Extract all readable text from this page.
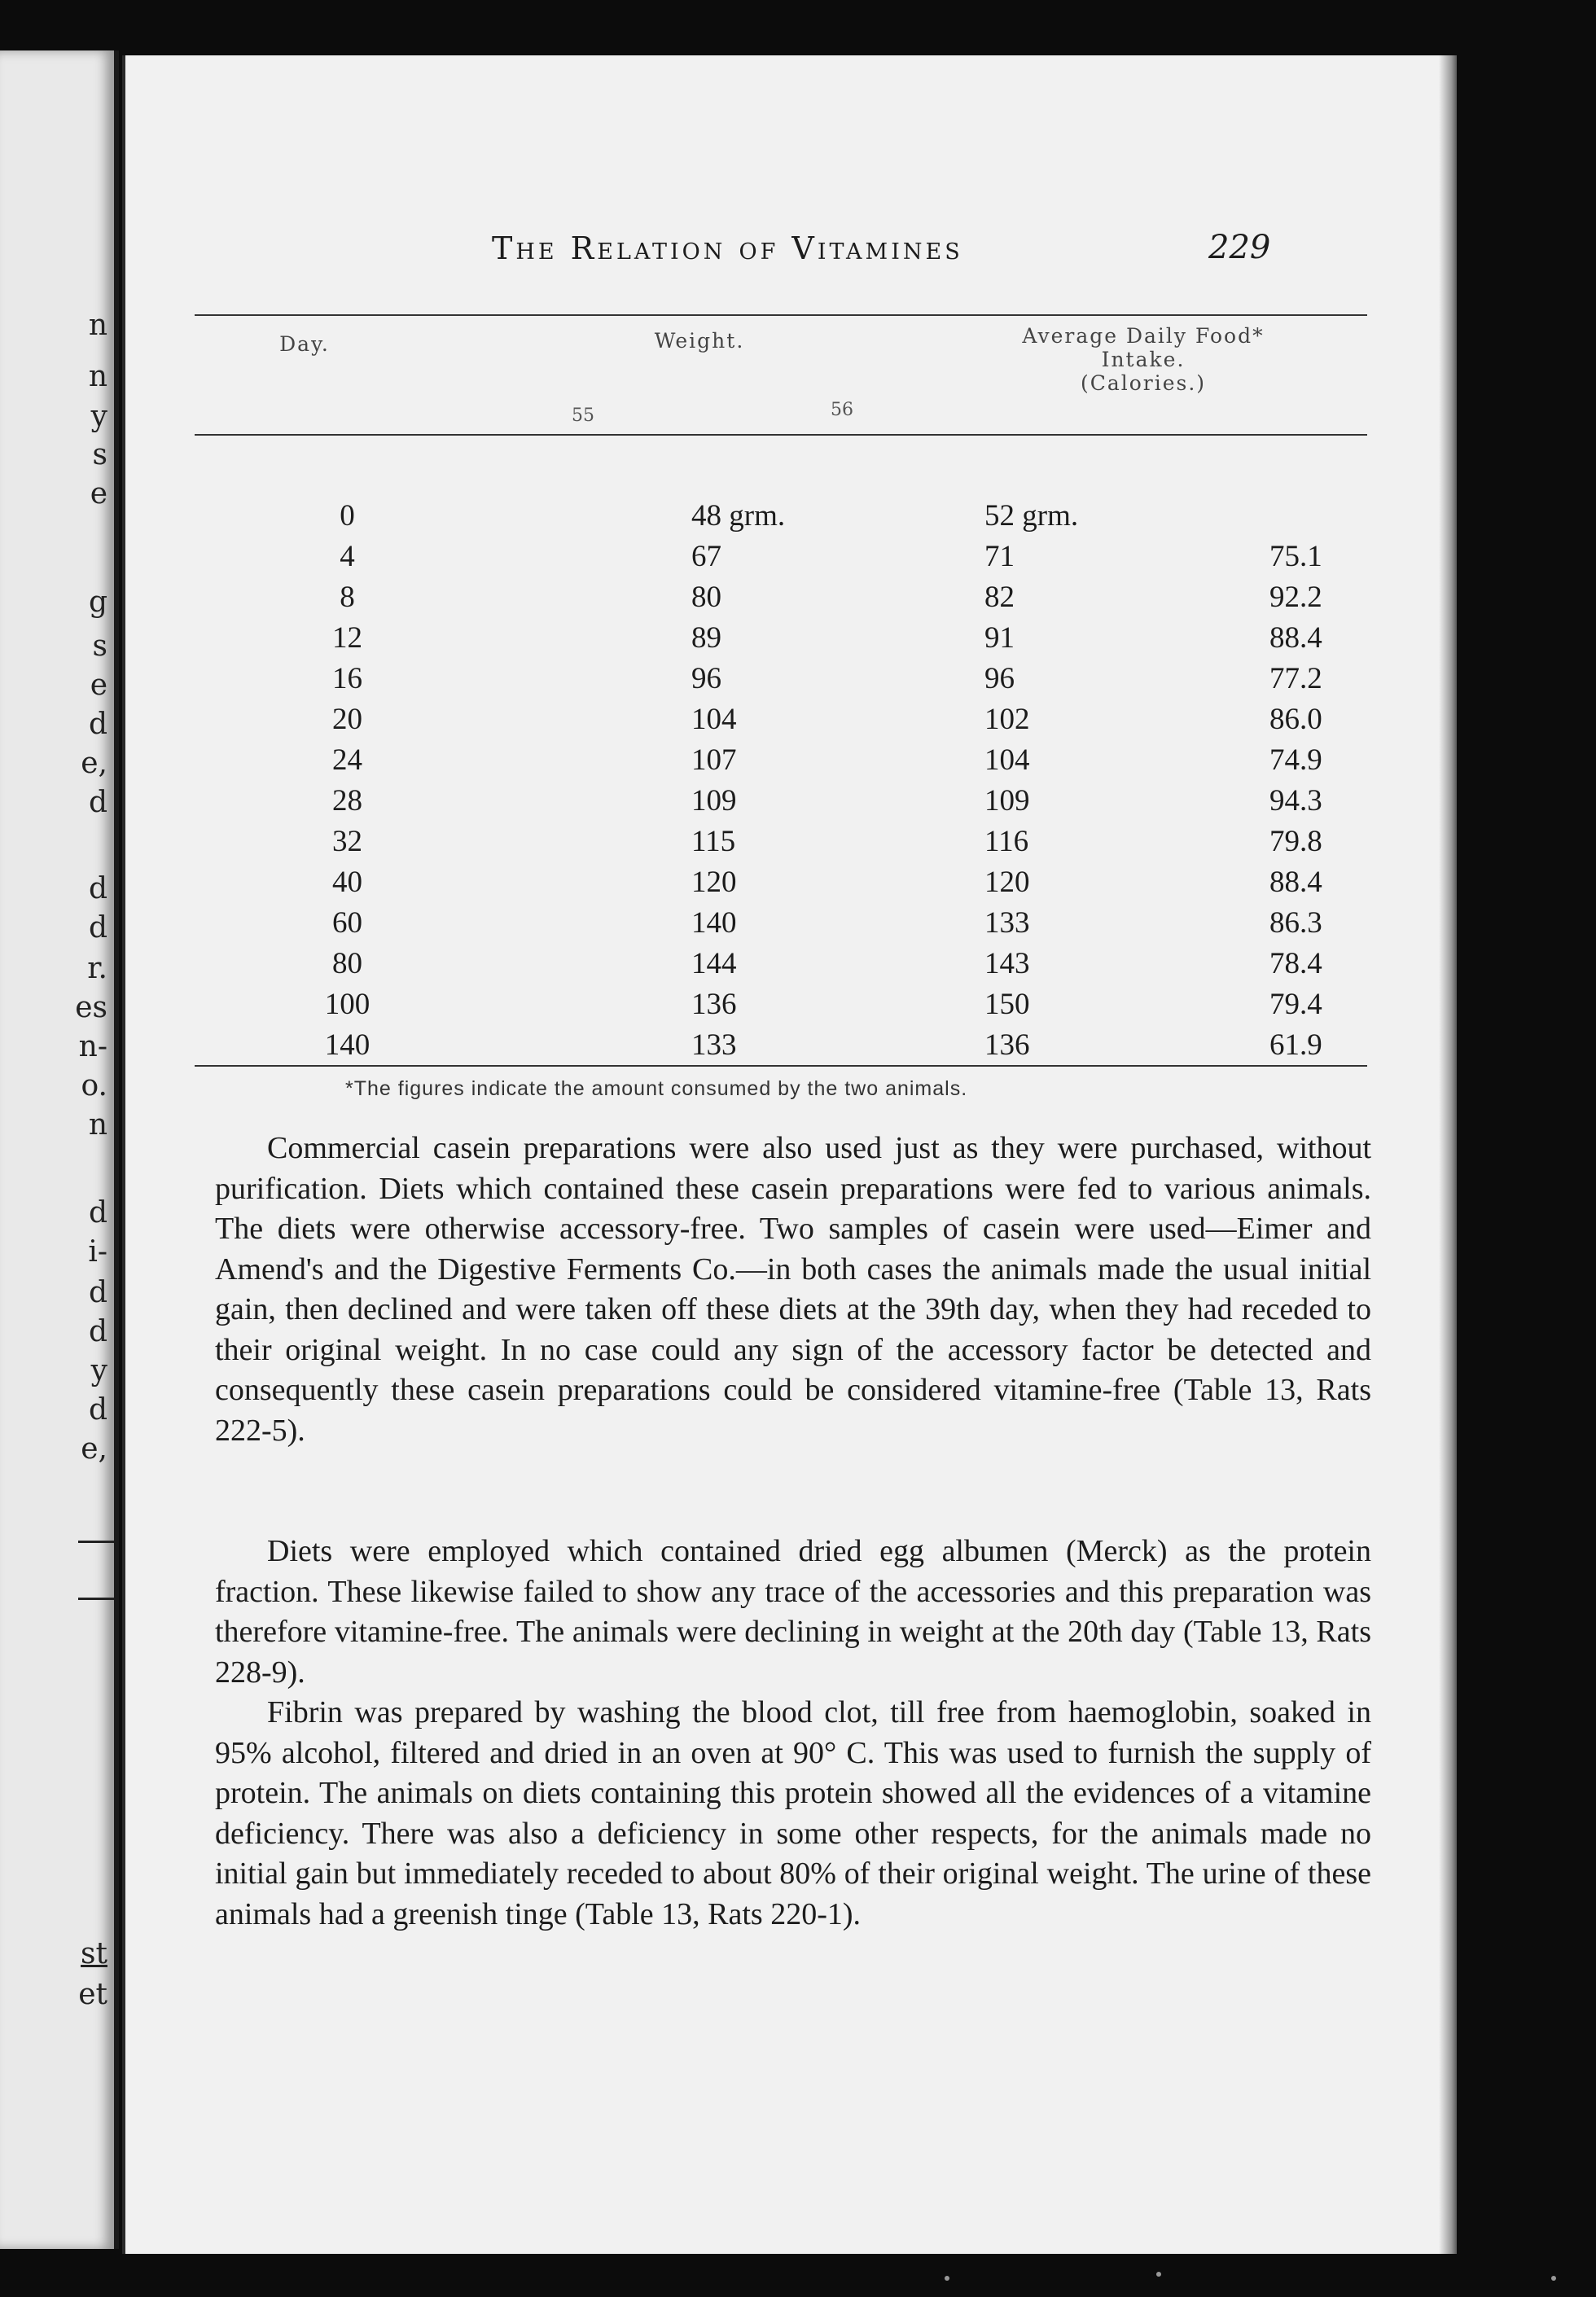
n

n

y

s

e

g

s

e

d

e,

d

d

d

r.

es

n-

o.

n

d

i-

d

d

y

d

e,

st

et

The Relation of Vitamines	229

Day.	Weight.
55	56
Average Daily Food*
Intake.
(Calories.)
0	48 grm.	52 grm.	
4	67	71	75.1
8	80	82	92.2
12	89	91	88.4
16	96	96	77.2
20	104	102	86.0
24	107	104	74.9
28	109	109	94.3
32	115	116	79.8
40	120	120	88.4
60	140	133	86.3
80	144	143	78.4
100	136	150	79.4
140	133	136	61.9

*The figures indicate the amount consumed by the two animals.

Commercial casein preparations were also used just as they were purchased, without purification. Diets which contained these casein preparations were fed to various animals. The diets were otherwise accessory-free. Two samples of casein were used—Eimer and Amend's and the Digestive Ferments Co.—in both cases the animals made the usual initial gain, then declined and were taken off these diets at the 39th day, when they had receded to their original weight. In no case could any sign of the accessory factor be detected and consequently these casein preparations could be considered vitamine-free (Table 13, Rats 222-5).

Diets were employed which contained dried egg albumen (Merck) as the protein fraction. These likewise failed to show any trace of the accessories and this preparation was therefore vitamine-free. The animals were declining in weight at the 20th day (Table 13, Rats 228-9).

Fibrin was prepared by washing the blood clot, till free from haemoglobin, soaked in 95% alcohol, filtered and dried in an oven at 90° C. This was used to furnish the supply of protein. The animals on diets containing this protein showed all the evidences of a vitamine deficiency. There was also a deficiency in some other respects, for the animals made no initial gain but immediately receded to about 80% of their original weight. The urine of these animals had a greenish tinge (Table 13, Rats 220-1).
